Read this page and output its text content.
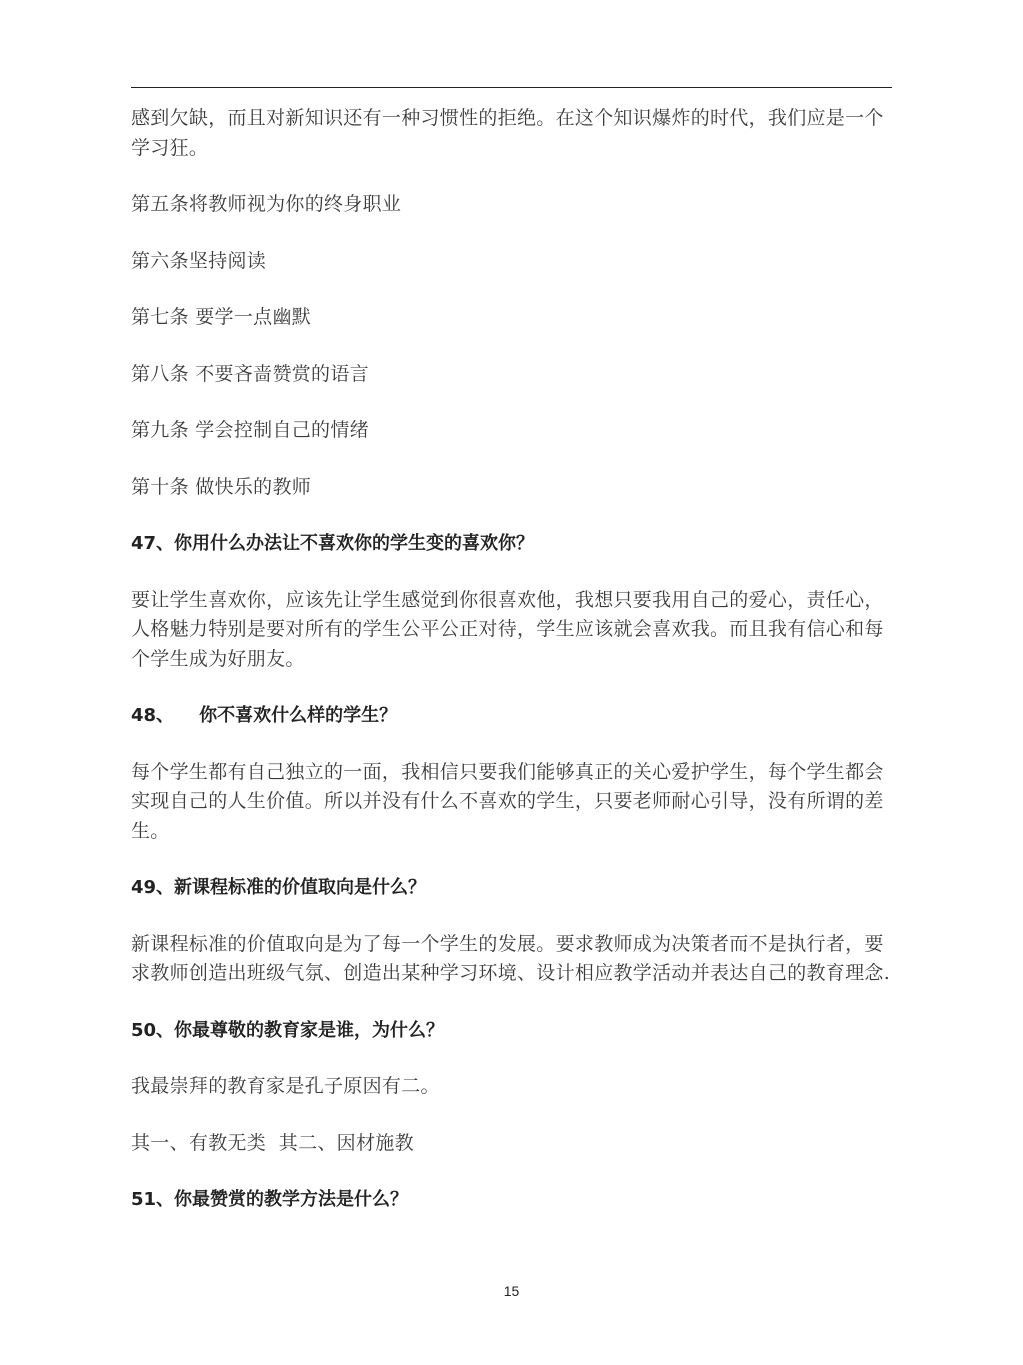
感到欠缺，而且对新知识还有一种习惯性的拒绝。在这个知识爆炸的时代，我们应是一个学习狂。

第五条将教师视为你的终身职业

第六条坚持阅读

第七条 要学一点幽默

第八条 不要吝啬赞赏的语言

第九条 学会控制自己的情绪

第十条 做快乐的教师

47、你用什么办法让不喜欢你的学生变的喜欢你？

要让学生喜欢你，应该先让学生感觉到你很喜欢他，我想只要我用自己的爱心，责任心，人格魅力特别是要对所有的学生公平公正对待，学生应该就会喜欢我。而且我有信心和每个学生成为好朋友。

48、    你不喜欢什么样的学生？

每个学生都有自己独立的一面，我相信只要我们能够真正的关心爱护学生，每个学生都会实现自己的人生价值。所以并没有什么不喜欢的学生，只要老师耐心引导，没有所谓的差生。

49、新课程标准的价值取向是什么？

新课程标准的价值取向是为了每一个学生的发展。要求教师成为决策者而不是执行者，要求教师创造出班级气氛、创造出某种学习环境、设计相应教学活动并表达自己的教育理念.

50、你最尊敬的教育家是谁，为什么？

我最崇拜的教育家是孔子原因有二。

其一、有教无类  其二、因材施教

51、你最赞赏的教学方法是什么？

15
